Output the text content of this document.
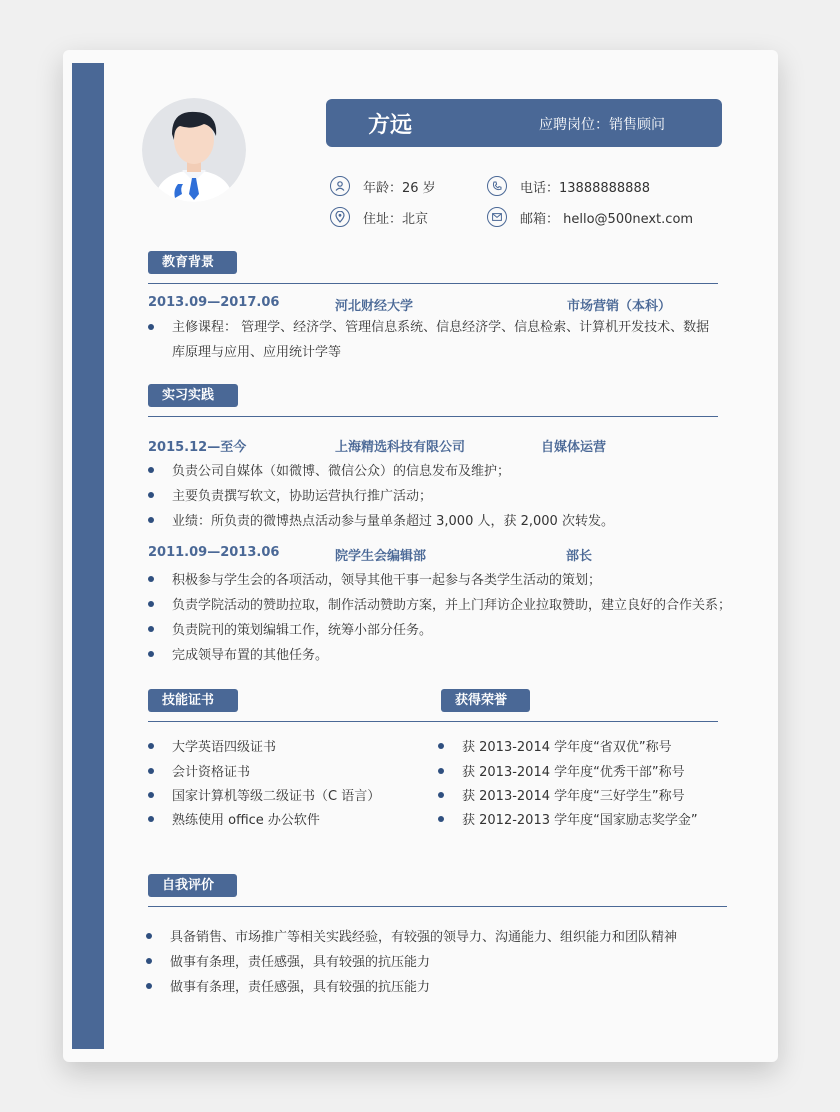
方远	应聘岗位：销售顾问
年龄：26 岁	电话：13888888888
住址：北京	邮箱： hello@500next.com
教育背景
2013.09—2017.06	河北财经大学	市场营销（本科）
主修课程： 管理学、经济学、管理信息系统、信息经济学、信息检索、计算机开发技术、数据库原理与应用、应用统计学等
实习实践
2015.12—至今	上海精选科技有限公司	自媒体运营
负责公司自媒体（如微博、微信公众）的信息发布及维护；
主要负责撰写软文，协助运营执行推广活动；
业绩：所负责的微博热点活动参与量单条超过 3,000 人，获 2,000 次转发。
2011.09—2013.06	院学生会编辑部	部长
积极参与学生会的各项活动，领导其他干事一起参与各类学生活动的策划；
负责学院活动的赞助拉取，制作活动赞助方案，并上门拜访企业拉取赞助，建立良好的合作关系；
负责院刊的策划编辑工作，统筹小部分任务。
完成领导布置的其他任务。
技能证书	获得荣誉
大学英语四级证书
会计资格证书
国家计算机等级二级证书（C 语言）
熟练使用 office 办公软件
获 2013-2014 学年度“省双优”称号
获 2013-2014 学年度“优秀干部”称号
获 2013-2014 学年度“三好学生”称号
获 2012-2013 学年度“国家励志奖学金”
自我评价
具备销售、市场推广等相关实践经验，有较强的领导力、沟通能力、组织能力和团队精神
做事有条理，责任感强，具有较强的抗压能力
做事有条理，责任感强，具有较强的抗压能力
